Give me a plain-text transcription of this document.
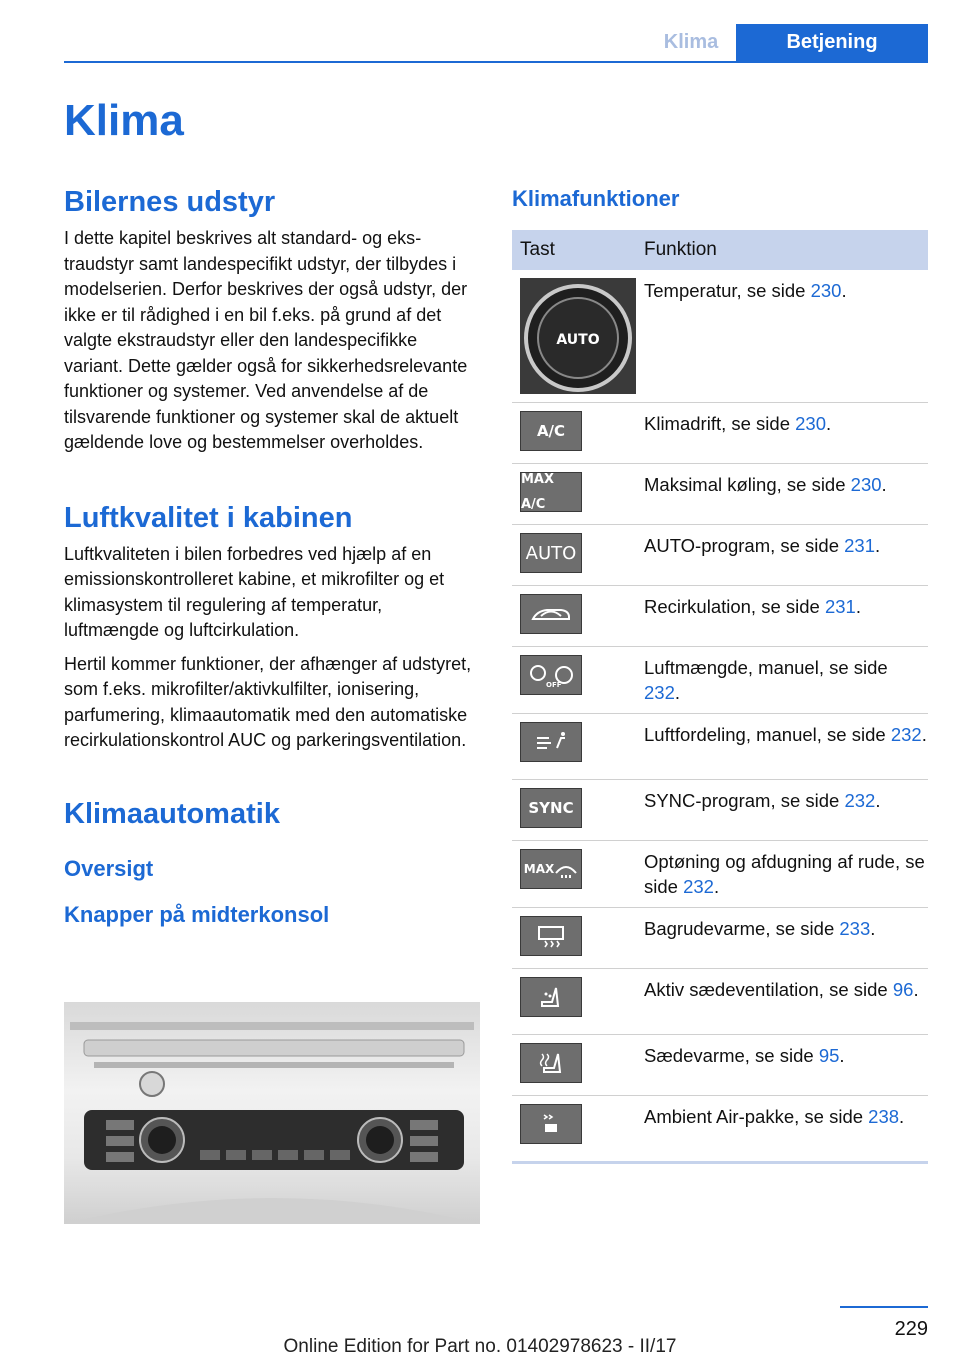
Klima	Betjening
Klima
Bilernes udstyr

I dette kapitel beskrives alt standard- og ekstraudstyr samt landespecifikt udstyr, der tilbydes i modelserien. Derfor beskrives der også udstyr, der ikke er til rådighed i en bil f.eks. på grund af det valgte ekstraudstyr eller den landespecifikke variant. Dette gælder også for sikkerhedsrelevante funktioner og systemer. Ved anvendelse af de tilsvarende funktioner og systemer skal de aktuelt gældende love og bestemmelser overholdes.

Luftkvalitet i kabinen

Luftkvaliteten i bilen forbedres ved hjælp af en emissionskontrolleret kabine, et mikrofilter og et klimasystem til regulering af temperatur, luftmængde og luftcirkulation.

Hertil kommer funktioner, der afhænger af udstyret, som f.eks. mikrofilter/aktivkulfilter, ionisering, parfumering, klimaautomatik med den automatiske recirkulationskontrol AUC og parkeringsventilation.

Klimaautomatik
Oversigt
Knapper på midterkonsol
Klimafunktioner
Tast	Funktion

AUTO	Temperatur, se side 230.

A/C	Klimadrift, se side 230.

MAX A/C	Maksimal køling, se side 230.

AUTO	AUTO-program, se side 231.

	Recirkulation, se side 231.

OFF	Luftmængde, manuel, se side 232.

	Luftfordeling, manuel, se side 232.

SYNC	SYNC-program, se side 232.

MAX	Optøning og afdugning af rude, se side 232.

	Bagrudevarme, se side 233.

	Aktiv sædeventilation, se side 96.

	Sædevarme, se side 95.

	Ambient Air-pakke, se side 238.
229
Online Edition for Part no. 01402978623 - II/17
